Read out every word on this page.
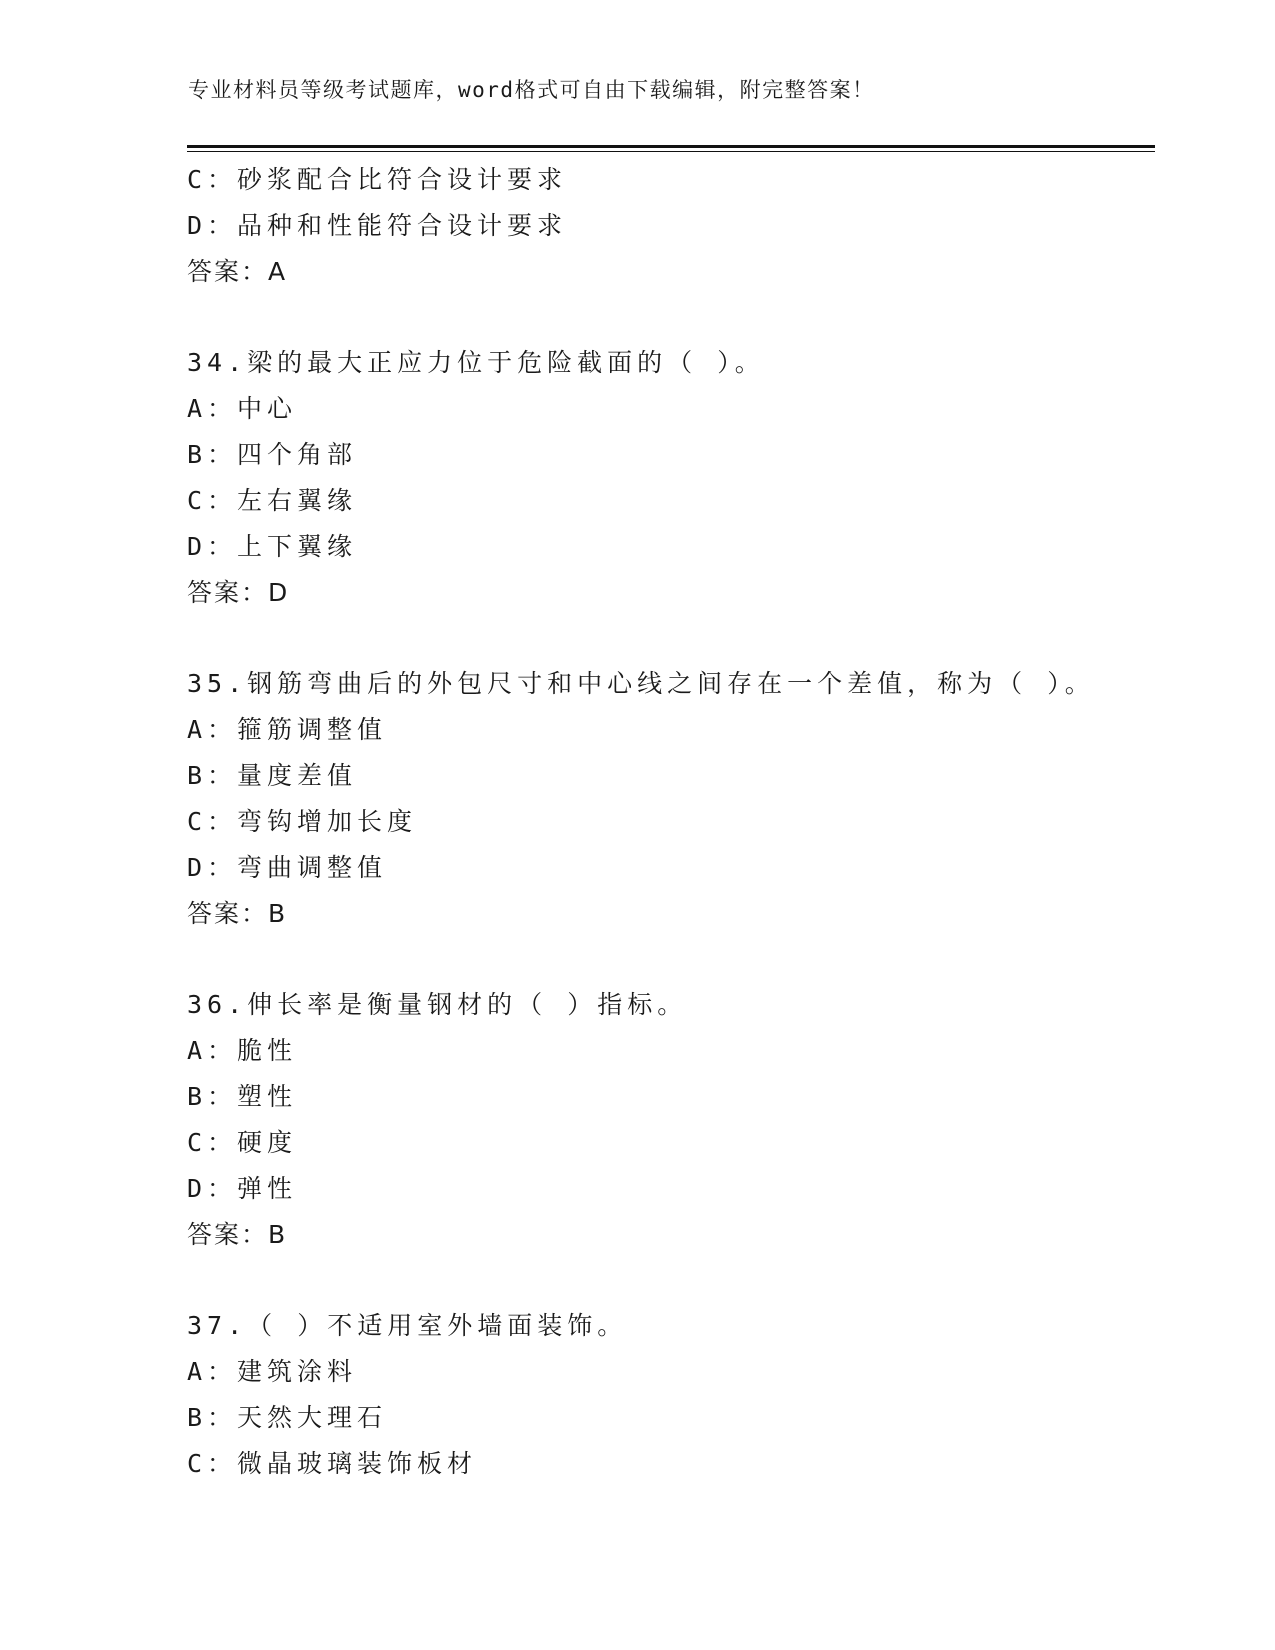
专业材料员等级考试题库，word格式可自由下载编辑，附完整答案！
C：砂浆配合比符合设计要求
D：品种和性能符合设计要求
答案：A
34.梁的最大正应力位于危险截面的（ ）。
A：中心
B：四个角部
C：左右翼缘
D：上下翼缘
答案：D
35.钢筋弯曲后的外包尺寸和中心线之间存在一个差值，称为（ ）。
A：箍筋调整值
B：量度差值
C：弯钩增加长度
D：弯曲调整值
答案：B
36.伸长率是衡量钢材的（ ）指标。
A：脆性
B：塑性
C：硬度
D：弹性
答案：B
37.（ ）不适用室外墙面装饰。
A：建筑涂料
B：天然大理石
C：微晶玻璃装饰板材
